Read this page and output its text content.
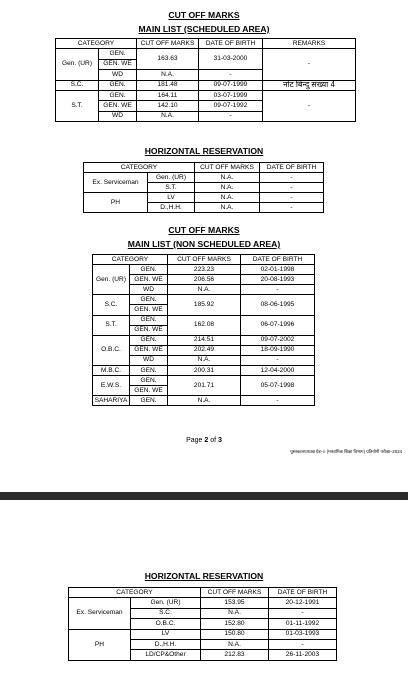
CUT OFF MARKS
MAIN LIST (SCHEDULED AREA)
CATEGORY		CUT OFF MARKS	DATE OF BIRTH	REMARKS
Gen. (UR)	GEN.	163.63	31-03-2000	-
	GEN. WE			
	WD	N.A.	-	
S.C.	GEN.	181.48	09-07-1999	नोट बिन्दु संख्या 4
S.T.	GEN.	164.11	03-07-1999	-
	GEN. WE	142.10	09-07-1992	
	WD	N.A.	-	
HORIZONTAL RESERVATION
CATEGORY		CUT OFF MARKS	DATE OF BIRTH
Ex. Serviceman	Gen. (UR)	N.A.	-
	S.T.	N.A.	-
PH	LV	N.A.	-
	D.,H.H.	N.A.	-
CUT OFF MARKS
MAIN LIST (NON SCHEDULED AREA)
CATEGORY		CUT OFF MARKS	DATE OF BIRTH
Gen. (UR)	GEN.	223.23	02-01-1998
	GEN. WE	206.56	20-08-1993
	WD	N.A.	-
S.C.	GEN.	185.92	08-06-1995
	GEN. WE		
S.T.	GEN.	162.08	06-07-1996
	GEN. WE		
O.B.C.	GEN.	214.51	09-07-2002
	GEN. WE	202.49	18-09-1990
	WD	N.A.	-
M.B.C.	GEN.	200.31	12-04-2000
E.W.S.	GEN.	201.71	05-07-1998
	GEN. WE		
SAHARIYA	GEN.	N.A.	-
Page 2 of 3
पुस्तकालयाध्यक्ष ग्रेड-।। (माध्यमिक शिक्षा विभाग) प्रतियोगी परीक्षा–2024
HORIZONTAL RESERVATION
CATEGORY		CUT OFF MARKS	DATE OF BIRTH
Ex. Serviceman	Gen. (UR)	153.95	20-12-1991
	S.C.	N.A.	-
	O.B.C.	152.80	01-11-1992
PH	LV	150.80	01-03-1993
	D.,H.H.	N.A.	-
	LD/CP&Other	212.83	26-11-2003
